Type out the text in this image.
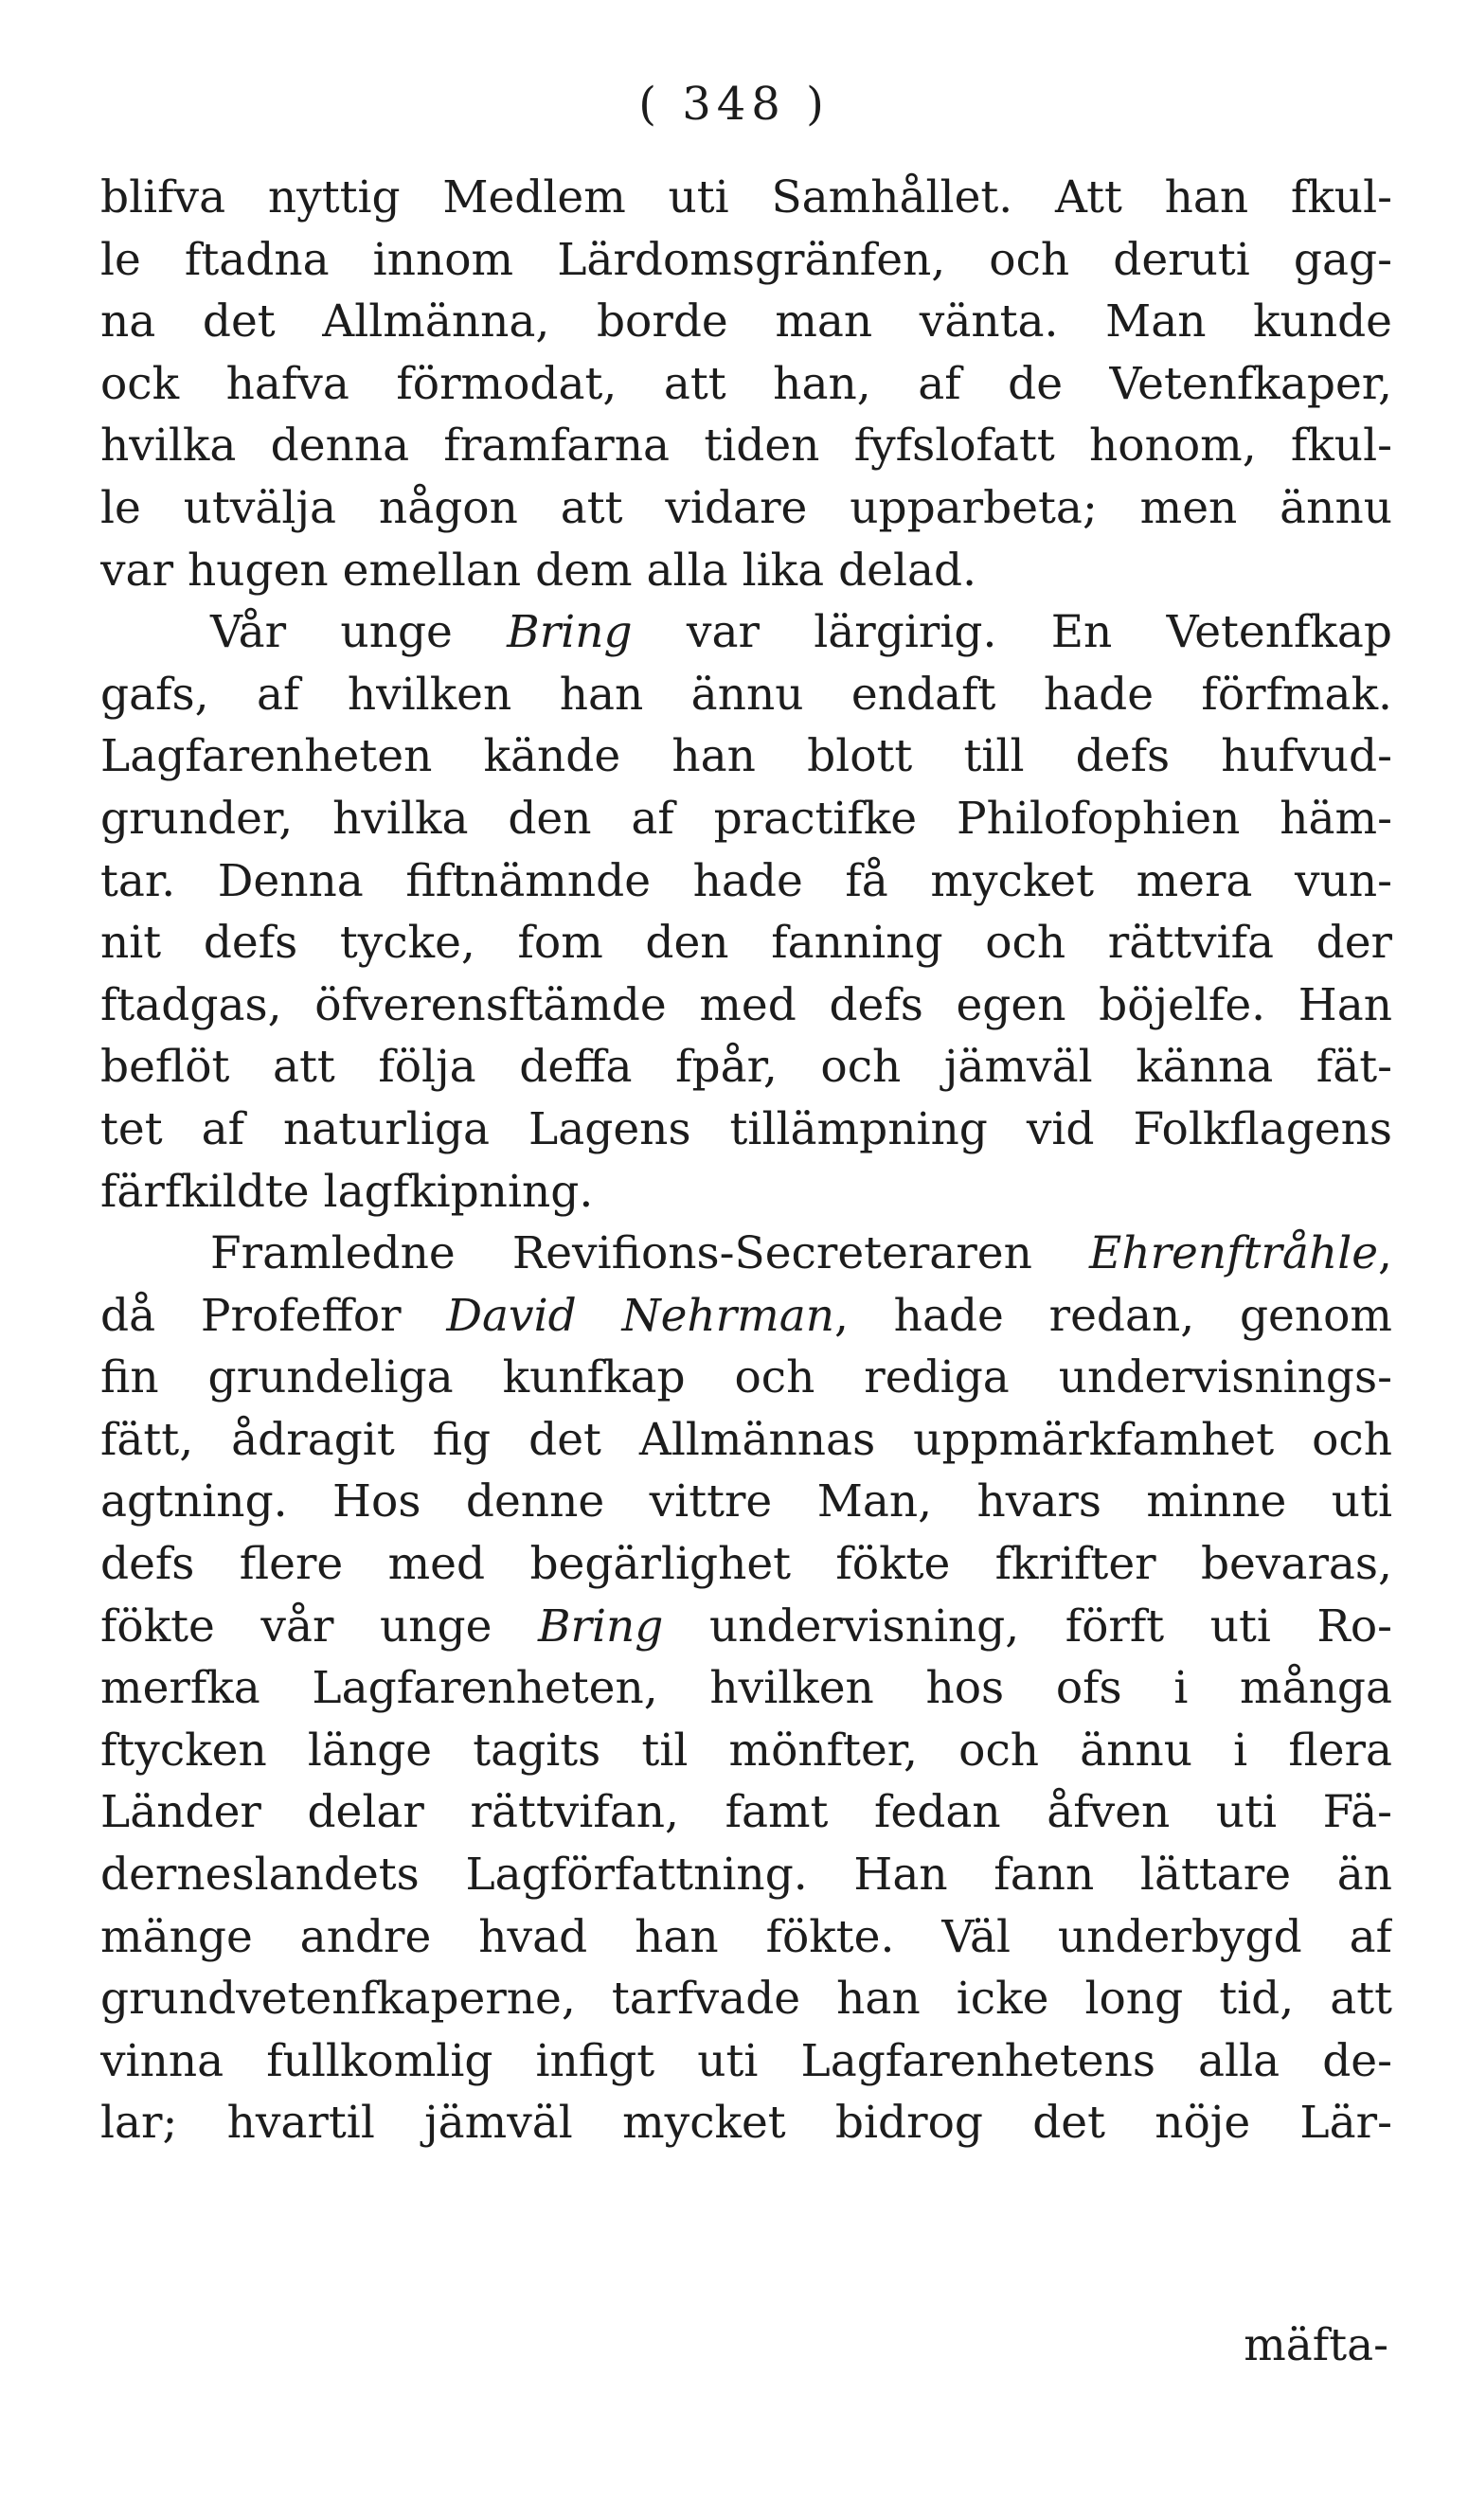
( 348 )
blifva nyttig Medlem uti Samhållet. Att han fkul-
le ftadna innom Lärdomsgränfen, och deruti gag-
na det Allmänna, borde man vänta. Man kunde
ock hafva förmodat, att han, af de Vetenfkaper,
hvilka denna framfarna tiden fyfslofatt honom, fkul-
le utvälja någon att vidare upparbeta; men ännu
var hugen emellan dem alla lika delad.
Vår unge Bring var lärgirig. En Vetenfkap
gafs, af hvilken han ännu endaft hade förfmak.
Lagfarenheten kände han blott till defs hufvud-
grunder, hvilka den af practifke Philofophien häm-
tar. Denna fiftnämnde hade få mycket mera vun-
nit defs tycke, fom den fanning och rättvifa der
ftadgas, öfverensftämde med defs egen böjelfe. Han
beflöt att följa deffa fpår, och jämväl känna fät-
tet af naturliga Lagens tillämpning vid Folkflagens
färfkildte lagfkipning.
Framledne Revifions-Secreteraren Ehrenftråhle,
då Profeffor David Nehrman, hade redan, genom
fin grundeliga kunfkap och rediga undervisnings-
fätt, ådragit fig det Allmännas uppmärkfamhet och
agtning. Hos denne vittre Man, hvars minne uti
defs flere med begärlighet fökte fkrifter bevaras,
fökte vår unge Bring undervisning, förft uti Ro-
merfka Lagfarenheten, hvilken hos ofs i många
ftycken länge tagits til mönfter, och ännu i flera
Länder delar rättvifan, famt fedan åfven uti Fä-
derneslandets Lagförfattning. Han fann lättare än
mänge andre hvad han fökte. Väl underbygd af
grundvetenfkaperne, tarfvade han icke long tid, att
vinna fullkomlig infigt uti Lagfarenhetens alla de-
lar; hvartil jämväl mycket bidrog det nöje Lär-
mäfta-
